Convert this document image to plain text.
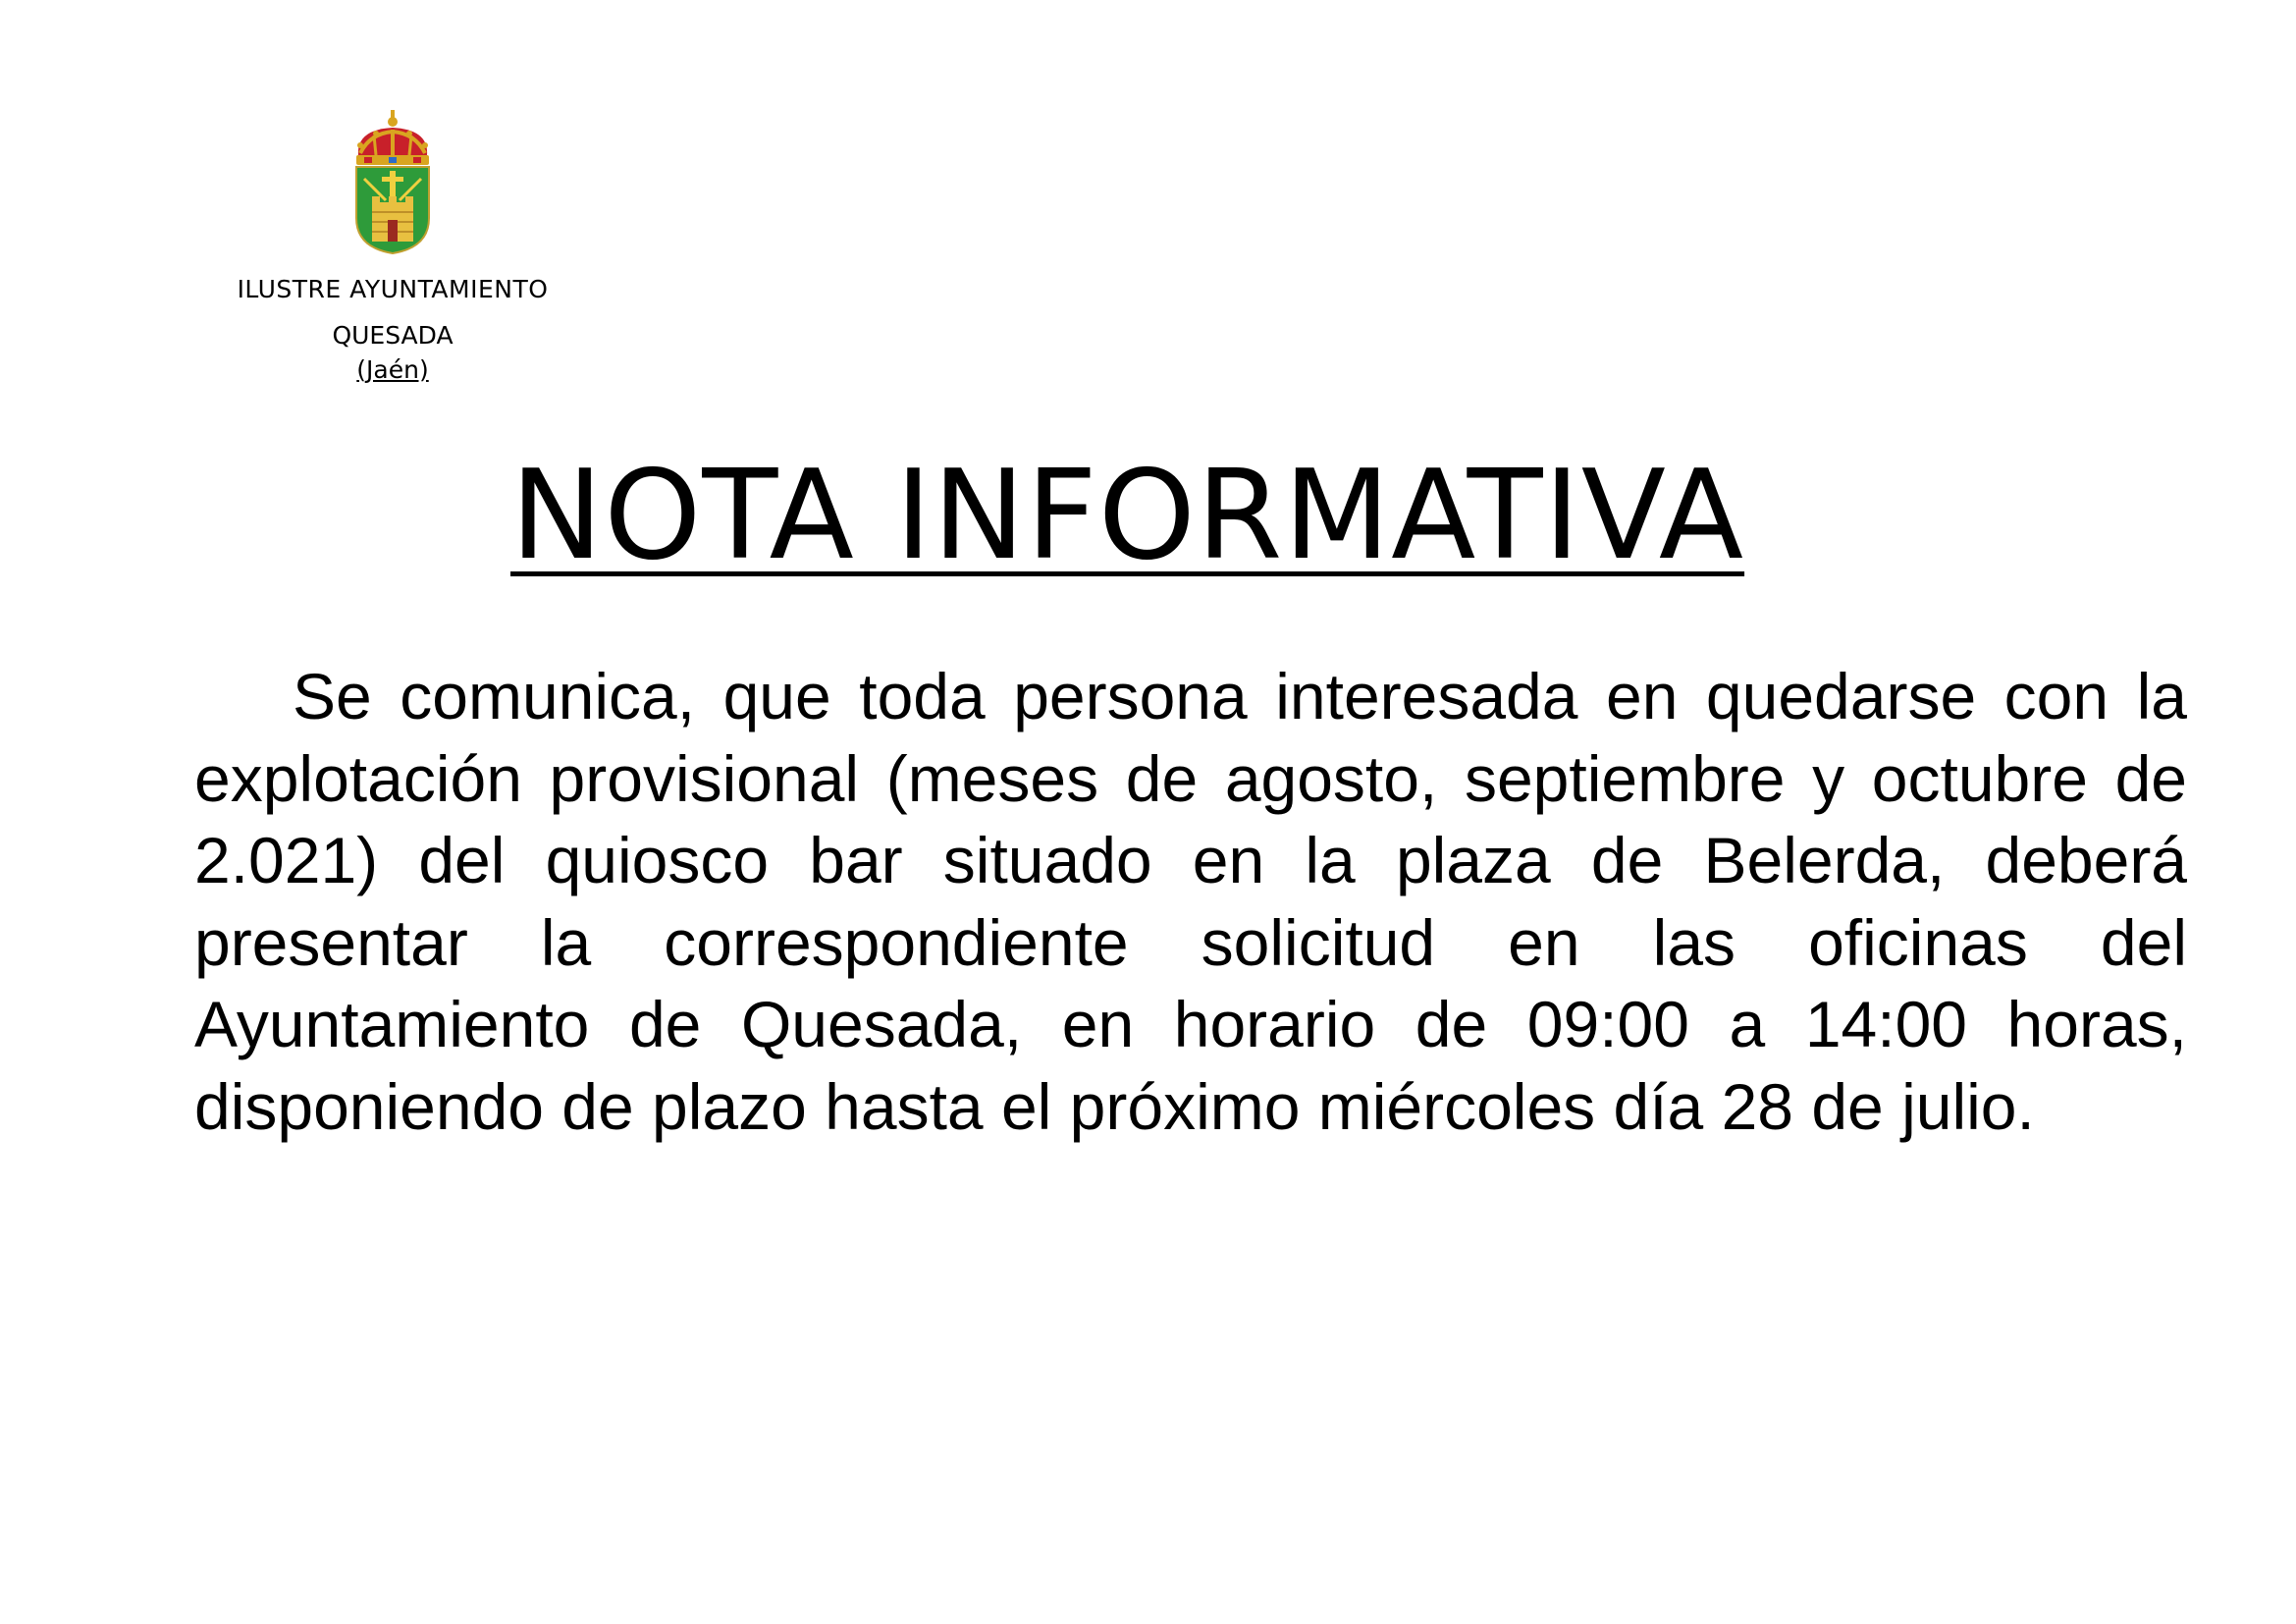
ILUSTRE AYUNTAMIENTO
QUESADA
(Jaén)
NOTA INFORMATIVA

Se comunica, que toda persona interesada en quedarse con la explotación provisional (meses de agosto, septiembre y octubre de 2.021) del quiosco bar situado en la plaza de Belerda, deberá presentar la correspondiente solicitud en las oficinas del Ayuntamiento de Quesada, en horario de 09:00 a 14:00 horas, disponiendo de plazo hasta el próximo miércoles día 28 de julio.
